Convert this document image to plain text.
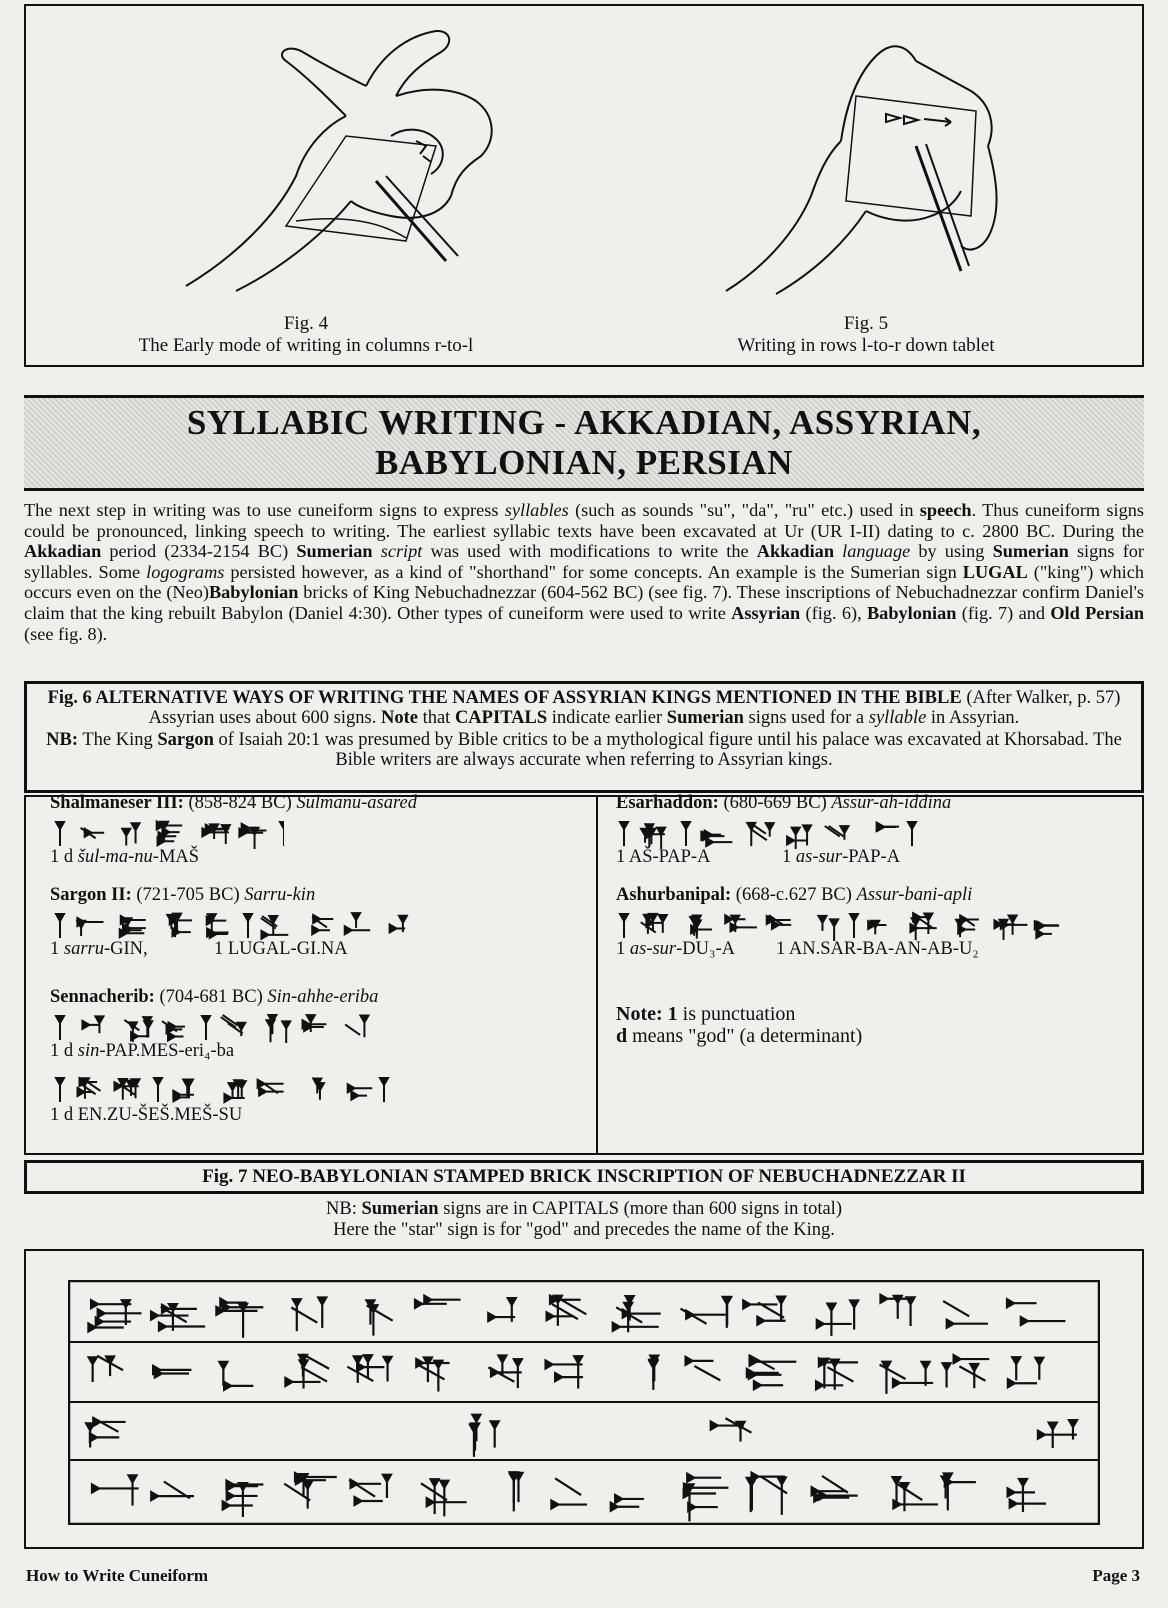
Fig. 4
The Early mode of writing in columns r-to-l
Fig. 5
Writing in rows l-to-r down tablet
SYLLABIC WRITING - AKKADIAN, ASSYRIAN,
BABYLONIAN, PERSIAN
The next step in writing was to use cuneiform signs to express syllables (such as sounds "su", "da", "ru" etc.) used in speech. Thus cuneiform signs could be pronounced, linking speech to writing. The earliest syllabic texts have been excavated at Ur (UR I-II) dating to c. 2800 BC. During the Akkadian period (2334-2154 BC) Sumerian script was used with modifications to write the Akkadian language by using Sumerian signs for syllables. Some logograms persisted however, as a kind of "shorthand" for some concepts. An example is the Sumerian sign LUGAL ("king") which occurs even on the (Neo)Babylonian bricks of King Nebuchadnezzar (604-562 BC) (see fig. 7). These inscriptions of Nebuchadnezzar confirm Daniel's claim that the king rebuilt Babylon (Daniel 4:30). Other types of cuneiform were used to write Assyrian (fig. 6), Babylonian (fig. 7) and Old Persian (see fig. 8).
Fig. 6 ALTERNATIVE WAYS OF WRITING THE NAMES OF ASSYRIAN KINGS MENTIONED IN THE BIBLE (After Walker, p. 57) Assyrian uses about 600 signs. Note that CAPITALS indicate earlier Sumerian signs used for a syllable in Assyrian.
NB: The King Sargon of Isaiah 20:1 was presumed by Bible critics to be a mythological figure until his palace was excavated at Khorsabad. The Bible writers are always accurate when referring to Assyrian kings.
Shalmaneser III: (858-824 BC) Sulmanu-asared
1 d šul-ma-nu-MAŠ
Sargon II: (721-705 BC) Sarru-kin
1 sarru-GIN,	1 LUGAL-GI.NA
Sennacherib: (704-681 BC) Sin-ahhe-eriba
1 d sin-PAP.MES-eri₄-ba
1 d EN.ZU-ŠEŠ.MEŠ-SU
Esarhaddon: (680-669 BC) Assur-ah-iddina
1 AŠ-PAP-A	1 as-sur-PAP-A
Ashurbanipal: (668-c.627 BC) Assur-bani-apli
1 as-sur-DU₃-A 1 AN.SAR-BA-AN-AB-U₂
Note: 1 is punctuation
d means "god" (a determinant)
Fig. 7 NEO-BABYLONIAN STAMPED BRICK INSCRIPTION OF NEBUCHADNEZZAR II
NB: Sumerian signs are in CAPITALS (more than 600 signs in total)
Here the "star" sign is for "god" and precedes the name of the King.
How to Write Cuneiform	Page 3
